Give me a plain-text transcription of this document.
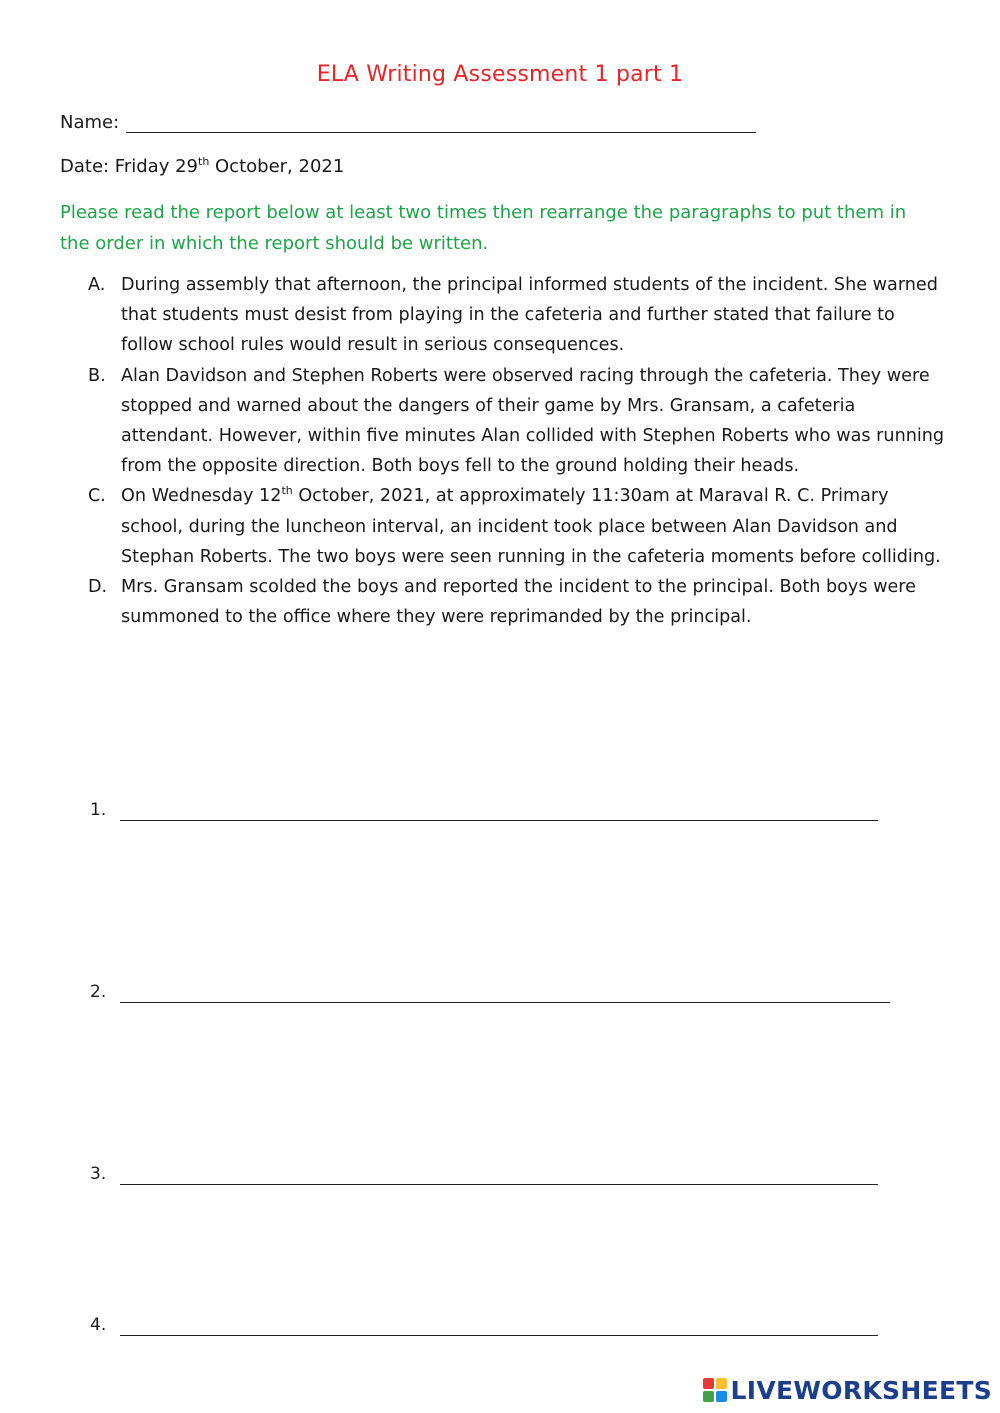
ELA Writing Assessment 1 part 1
Name:
Date: Friday 29th October, 2021
Please read the report below at least two times then rearrange the paragraphs to put them in the order in which the report should be written.
A. During assembly that afternoon, the principal informed students of the incident. She warned that students must desist from playing in the cafeteria and further stated that failure to follow school rules would result in serious consequences.
B. Alan Davidson and Stephen Roberts were observed racing through the cafeteria. They were stopped and warned about the dangers of their game by Mrs. Gransam, a cafeteria attendant. However, within five minutes Alan collided with Stephen Roberts who was running from the opposite direction. Both boys fell to the ground holding their heads.
C. On Wednesday 12th October, 2021, at approximately 11:30am at Maraval R. C. Primary school, during the luncheon interval, an incident took place between Alan Davidson and Stephan Roberts. The two boys were seen running in the cafeteria moments before colliding.
D. Mrs. Gransam scolded the boys and reported the incident to the principal. Both boys were summoned to the office where they were reprimanded by the principal.
1.
2.
3.
4.
LIVEWORKSHEETS
